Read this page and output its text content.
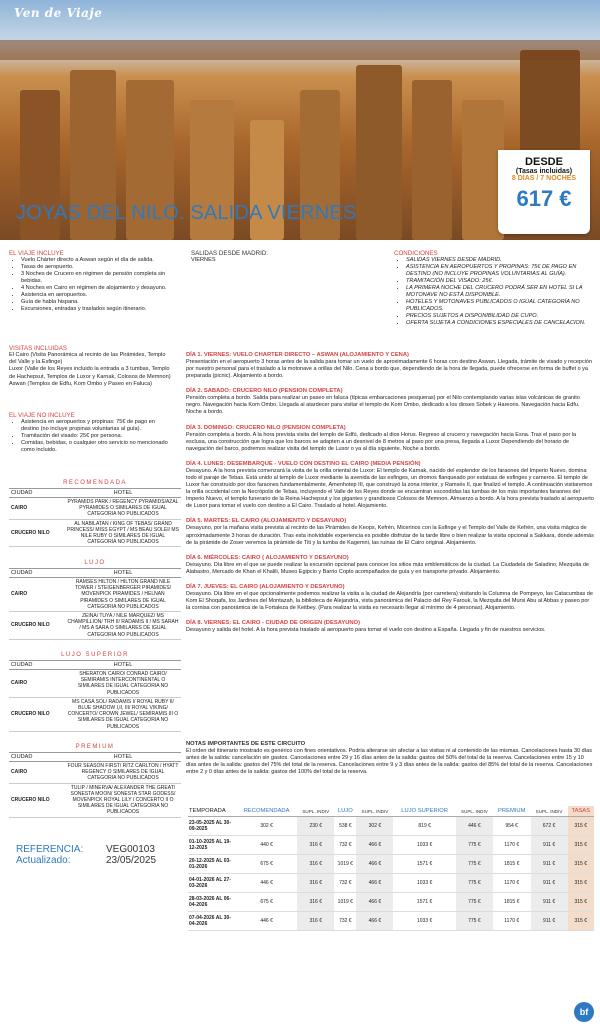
Ven de Viaje
DESDE
(Tasas incluidas)
8 DÍAS / 7 NOCHES
617 €
JOYAS DEL NILO. SALIDA VIERNES
EL VIAJE INCLUYE
• Vuelo Chárter directo a Aswan según el día de salida.
• Tasas de aeropuerto.
• 3 Noches de Crucero en régimen de pensión completa sin bebidas.
• 4 Noches en Cairo en régimen de alojamiento y desayuno.
• Asistencia en aeropuertos.
• Guía de habla hispana.
• Excursiones, entradas y traslados según itinerario.
VISITAS INCLUIDAS
El Cairo (Visita Panorámica al recinto de las Pirámides, Templo del Valle y la Esfinge)
Luxor (Valle de los Reyes incluido la entrada a 3 tumbas, Templo de Hachepsut, Templos de Luxor y Karnak, Colosos de Memnon)
Aswan (Templos de Edfu, Kom Ombo y Paseo en Faluca)
EL VIAJE NO INCLUYE
• Asistencia en aeropuertos y propinas: 75€ de pago en destino (no incluye propinas voluntarias al guía).
• Tramitación del visado: 25€ por persona.
• Comidas, bebidas, o cualquier otro servicio no mencionado como incluido.
SALIDAS DESDE MADRID:
VIERNES
CONDICIONES
• SALIDAS VIERNES DESDE MADRID.
• ASISTENCIA EN AEROPUERTOS Y PROPINAS: 75€ DE PAGO EN DESTINO (NO INCLUYE PROPINAS VOLUNTARIAS AL GUÍA).
• TRAMITACIÓN DEL VISADO: 25€.
• LA PRIMERA NOCHE DEL CRUCERO PODRÁ SER EN HOTEL SI LA MOTONAVE NO ESTÁ DISPONIBLE.
• HOTELES Y MOTONAVES PUBLICADOS O IGUAL CATEGORÍA NO PUBLICADOS.
• PRECIOS SUJETOS A DISPONIBILIDAD DE CUPO.
• OFERTA SUJETA A CONDICIONES ESPECIALES DE CANCELACION.
DÍA 1. VIERNES: VUELO CHARTER DIRECTO – ASWAN (ALOJAMIENTO Y CENA)

Presentación en el aeropuerto 3 horas antes de la salida para tomar un vuelo de aproximadamente 6 horas con destino Aswan. Llegada, trámite de visado y recepción por nuestro personal para el traslado a la motonave a orillas del Nilo. Cena a bordo que, dependiendo de la hora de llegada, puede ofrecerse en forma de buffet o ya preparada (picnic). Alojamiento a bordo.

DÍA 2. SABADO: CRUCERO NILO (PENSION COMPLETA)

Pensión completa a bordo. Salida para realizar un paseo en faluca (típicas embarcaciones pesqueras) por el Nilo contemplando varias islas volcánicas de granito negro. Navegación hacia Kom Ombo. Llegada al atardecer para visitar el templo de Kom Ombo, dedicado a los dioses Sobek y Hareoris. Navegación hacia Edfu. Noche a bordo.

DÍA 3. DOMINGO: CRUCERO NILO (PENSION COMPLETA)

Pensión completa a bordo. A la hora prevista visita del templo de Edfú, dedicado al dios Horus. Regreso al crucero y navegación hacia Esna. Tras el paso por la esclusa, una construcción que logra que los barcos se adapten a un desnivel de 8 metros al paso por una presa, llegada a Luxor Dependiendo del horario de navegación del barco, podremos realizar visita del templo de Luxor o ya al día siguiente. Noche a bordo.

DÍA 4. LUNES: DESEMBARQUE - VUELO CON DESTINO EL CAIRO (MEDIA PENSIÓN)

Desayuno. A la hora prevista comenzará la visita de la orilla oriental de Luxor: El templo de Karnak, nacido del esplendor de los faraones del Imperio Nuevo, domina todo el paraje de Tebas. Está unido al templo de Luxor mediante la avenida de las esfinges, un dromos flanqueado por estatuas de esfinges y carneros. El templo de Luxor fue construido por dos faraones fundamentalmente, Amenhotep III, que construyó la zona interior, y Ramsés II, que finalizó el templo. A continuación visitaremos la orilla occidental con la Necrópolis de Tebas, incluyendo el Valle de los Reyes donde se encuentran escondidas las tumbas de los más importantes faraones del Imperio Nuevo, el templo funerario de la Reina Hachepsut y los gigantes y grandiosos Colosos de Memnon. Almuerzo a bordo. A la hora prevista traslado al aeropuerto de Luxor para tomar el vuelo con destino a El Cairo. Traslado al hotel. Alojamiento.

DÍA 5. MARTES: EL CAIRO (ALOJAMIENTO Y DESAYUNO)

Desayuno, por la mañana visita prevista al recinto de las Pirámides de Keops, Kefrén, Micerinos con la Esfinge y el Templo del Valle de Kefrén, una visita mágica de aproximadamente 3 horas de duración. Tras esta inolvidable experiencia es posible disfrutar de la tarde libre o bien realizar la visita opcional a Sakkara, donde además de la pirámide de Zoser veremos la pirámide de Titi y la tumba de Kagemni, las ruinas de El Cairo original. Alojamiento.

DÍA 6. MIÉRCOLES: CAIRO ( ALOJAMIENTO Y DESAYUNO)

Desayuno. Día libre en el que se puede realizar la excursión opcional para conocer los sitios más emblemáticos de la ciudad. La Ciudadela de Saladino, Mezquita de Alabastro, Mercado de Khan el Khalili, Museo Egipcio y Barrio Copto acompañados de guía y en transporte privado. Alojamiento.

DÍA 7. JUEVES: EL CAIRO (ALOJAMIENTO Y DESAYUNO)

Desayuno. Día libre en el que opcionalmente podemos realizar la visita a la ciudad de Alejandría (por carretera) visitando la Columna de Pompeyo, las Catacumbas de Kom El Shoqafa, los Jardines del Montazah, la biblioteca de Alejandría, vista panorámica del Palacio del Rey Farouk, la Mezquita del Mursi Abu al Abbas y paseo por la cornisa con panorámica de la Fortaleza de Keitbey. (Para realizar la visita es necesario llegar al mínimo de 4 personas). Alojamiento.

DÍA 8. VIERNES: EL CAIRO - CIUDAD DE ORIGEN (DESAYUNO)

Desayuno y salida del hotel. A la hora prevista traslado al aeropuerto para tomar el vuelo con destino a España. Llegada y fin de nuestros servicios.

NOTAS IMPORTANTES DE ESTE CIRCUITO

El orden del itinerario mostrado es genérico con fines orientativos. Podría alterarse sin afectar a las visitas ni al contenido de las mismas. Cancelaciones hasta 30 días antes de la salida: cancelación sin gastos. Cancelaciones entre 29 y 16 días antes de la salida: gastos del 50% del total de la reserva. Cancelaciones entre 15 y 10 días antes de la salida: gastos del 75% del total de la reserva. Cancelaciones entre 9 y 3 días antes de la salida: gastos del 85% del total de la reserva. Cancelaciones entre 2 y 0 días antes de la salida: gastos del 100% del total de la reserva.

RECOMENDADA
CIUDAD	HOTEL
CAIRO	PYRAMIDS PARK / REGENCY PYRAMIDS/AZAL PYRAMIDES O SIMILARES DE IGUAL CATEGORIA NO PUBLICADOS
CRUCERO NILO	AL NABILATAN / KING OF TEBAS/ GRAND PRINCESS/ MISS EGYPT / MS BEAU SOLEI/ MS NILE RUBY O SIMILARES DE IGUAL CATEGORIA NO PUBLICADOS
LUJO
CIUDAD	HOTEL
CAIRO	RAMSES HILTON / HILTON GRAND NILE TOWER / STEIGENBERGER PIRAMIDES/ MOVENPICK PIRAMIDES / HELNAN PIRAMIDES O SIMILARES DE IGUAL CATEGORIA NO PUBLICADOS
CRUCERO NILO	ZEINA/ TUYA / NILE MARQUEZ/ MS CHAMPILLION/ TRH II/ RADAMIS II / MS SARAH / MS A SARA O SIMILARES DE IGUAL CATEGORIA NO PUBLICADOS
LUJO SUPERIOR
CIUDAD	HOTEL
CAIRO	SHERATON CAIRO/ CONRAD CAIRO/ SEMIRAMIS INTERCONTINENTAL O SIMILARES DE IGUAL CATEGORIA NO PUBLICADOS
CRUCERO NILO	MS CASA SOL/ RADAMIS I/ ROYAL RUBY II/ BLUE SHADOW I,II, III/ ROYAL VIKING/ CONCERTO/ CROWN JEWEL/ SEMIRAMIS III O SIMILARES DE IGUAL CATEGORIA NO PUBLICADOS
PREMIUM
CIUDAD	HOTEL
CAIRO	FOUR SEASON FIRST/ RITZ CARLTON / HYATT REGENCY O SIMILARES DE IGUAL CATEGORIA NO PUBLICADOS
CRUCERO NILO	TULIP / MINERVA/ ALEXANDER THE GREAT/ SONESTA MOON/ SONESTA STAR GODESS/ MOVENPICK ROYAL LILY / CONCERTO II O SIMILARES DE IGUAL CATEGORIA NO PUBLICADOS
REFERENCIA: VEG00103
Actualizado:	23/05/2025
TEMPORADA	RECOMENDADA	SUPL. INDIV	LUJO	SUPL. INDIV	LUJO SUPERIOR	SUPL. INDIV	PREMIUM	SUPL. INDIV	TASAS
23-05-2025 AL 30-09-2025	302 €	230 €	538 €	302 €	819 €	446 €	954 €	672 €	315 €
01-10-2025 AL 19-12-2025	440 €	316 €	732 €	466 €	1033 €	775 €	1170 €	911 €	315 €
20-12-2025 AL 03-01-2026	675 €	316 €	1019 €	466 €	1571 €	775 €	1815 €	911 €	315 €
04-01-2026 AL 27-03-2026	446 €	316 €	732 €	466 €	1033 €	775 €	1170 €	911 €	315 €
28-03-2026 AL 06-04-2026	675 €	316 €	1019 €	466 €	1571 €	775 €	1815 €	911 €	315 €
07-04-2026 AL 30-04-2026	446 €	316 €	732 €	466 €	1033 €	775 €	1170 €	911 €	315 €
bf
